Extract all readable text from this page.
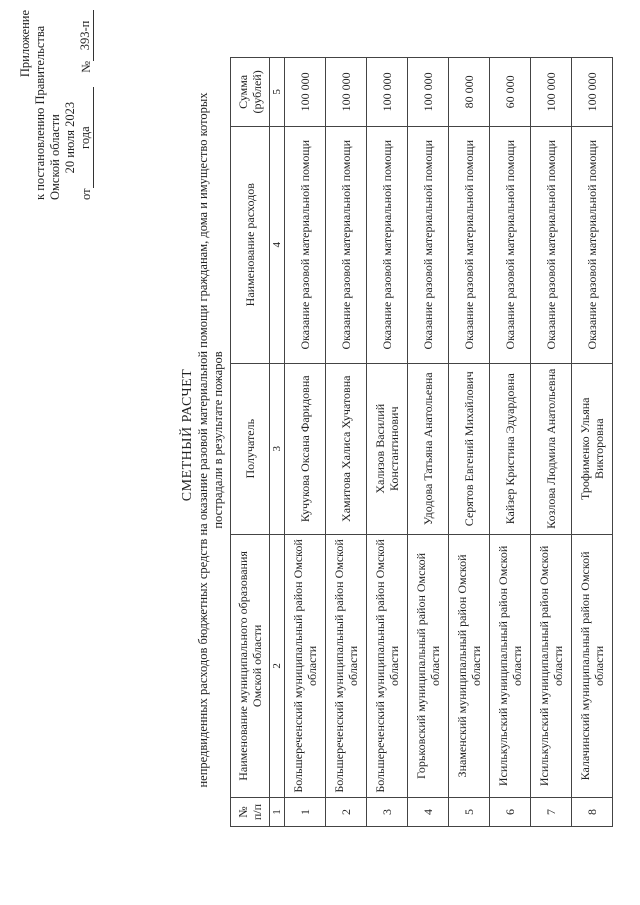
Приложение к постановлению Правительства Омской области от
20 июля 2023 года
№
393-п
СМЕТНЫЙ РАСЧЕТ непредвиденных расходов бюджетных средств на оказание разовой материальной помощи гражданам, дома и имущество которых пострадали в результате пожаров
№ п/п	Наименование муниципального образования Омской области	Получатель	Наименование расходов	Сумма (рублей)
1	2	3	4	5
1	Большереченский муниципальный район Омской области	Кучукова Оксана Фаридовна	Оказание разовой материальной помощи	100 000
2	Большереченский муниципальный район Омской области	Хамитова Халиса Хучатовна	Оказание разовой материальной помощи	100 000
3	Большереченский муниципальный район Омской области	Хализов Василий Константинович	Оказание разовой материальной помощи	100 000
4	Горьковский муниципальный район Омской области	Удодова Татьяна Анатольевна	Оказание разовой материальной помощи	100 000
5	Знаменский муниципальный район Омской области	Серятов Евгений Михайлович	Оказание разовой материальной помощи	80 000
6	Исилькульский муниципальный район Омской области	Кайзер Кристина Эдуардовна	Оказание разовой материальной помощи	60 000
7	Исилькульский муниципальный район Омской области	Козлова Людмила Анатольевна	Оказание разовой материальной помощи	100 000
8	Калачинский муниципальный район Омской области	Трофименко Ульяна Викторовна	Оказание разовой материальной помощи	100 000
